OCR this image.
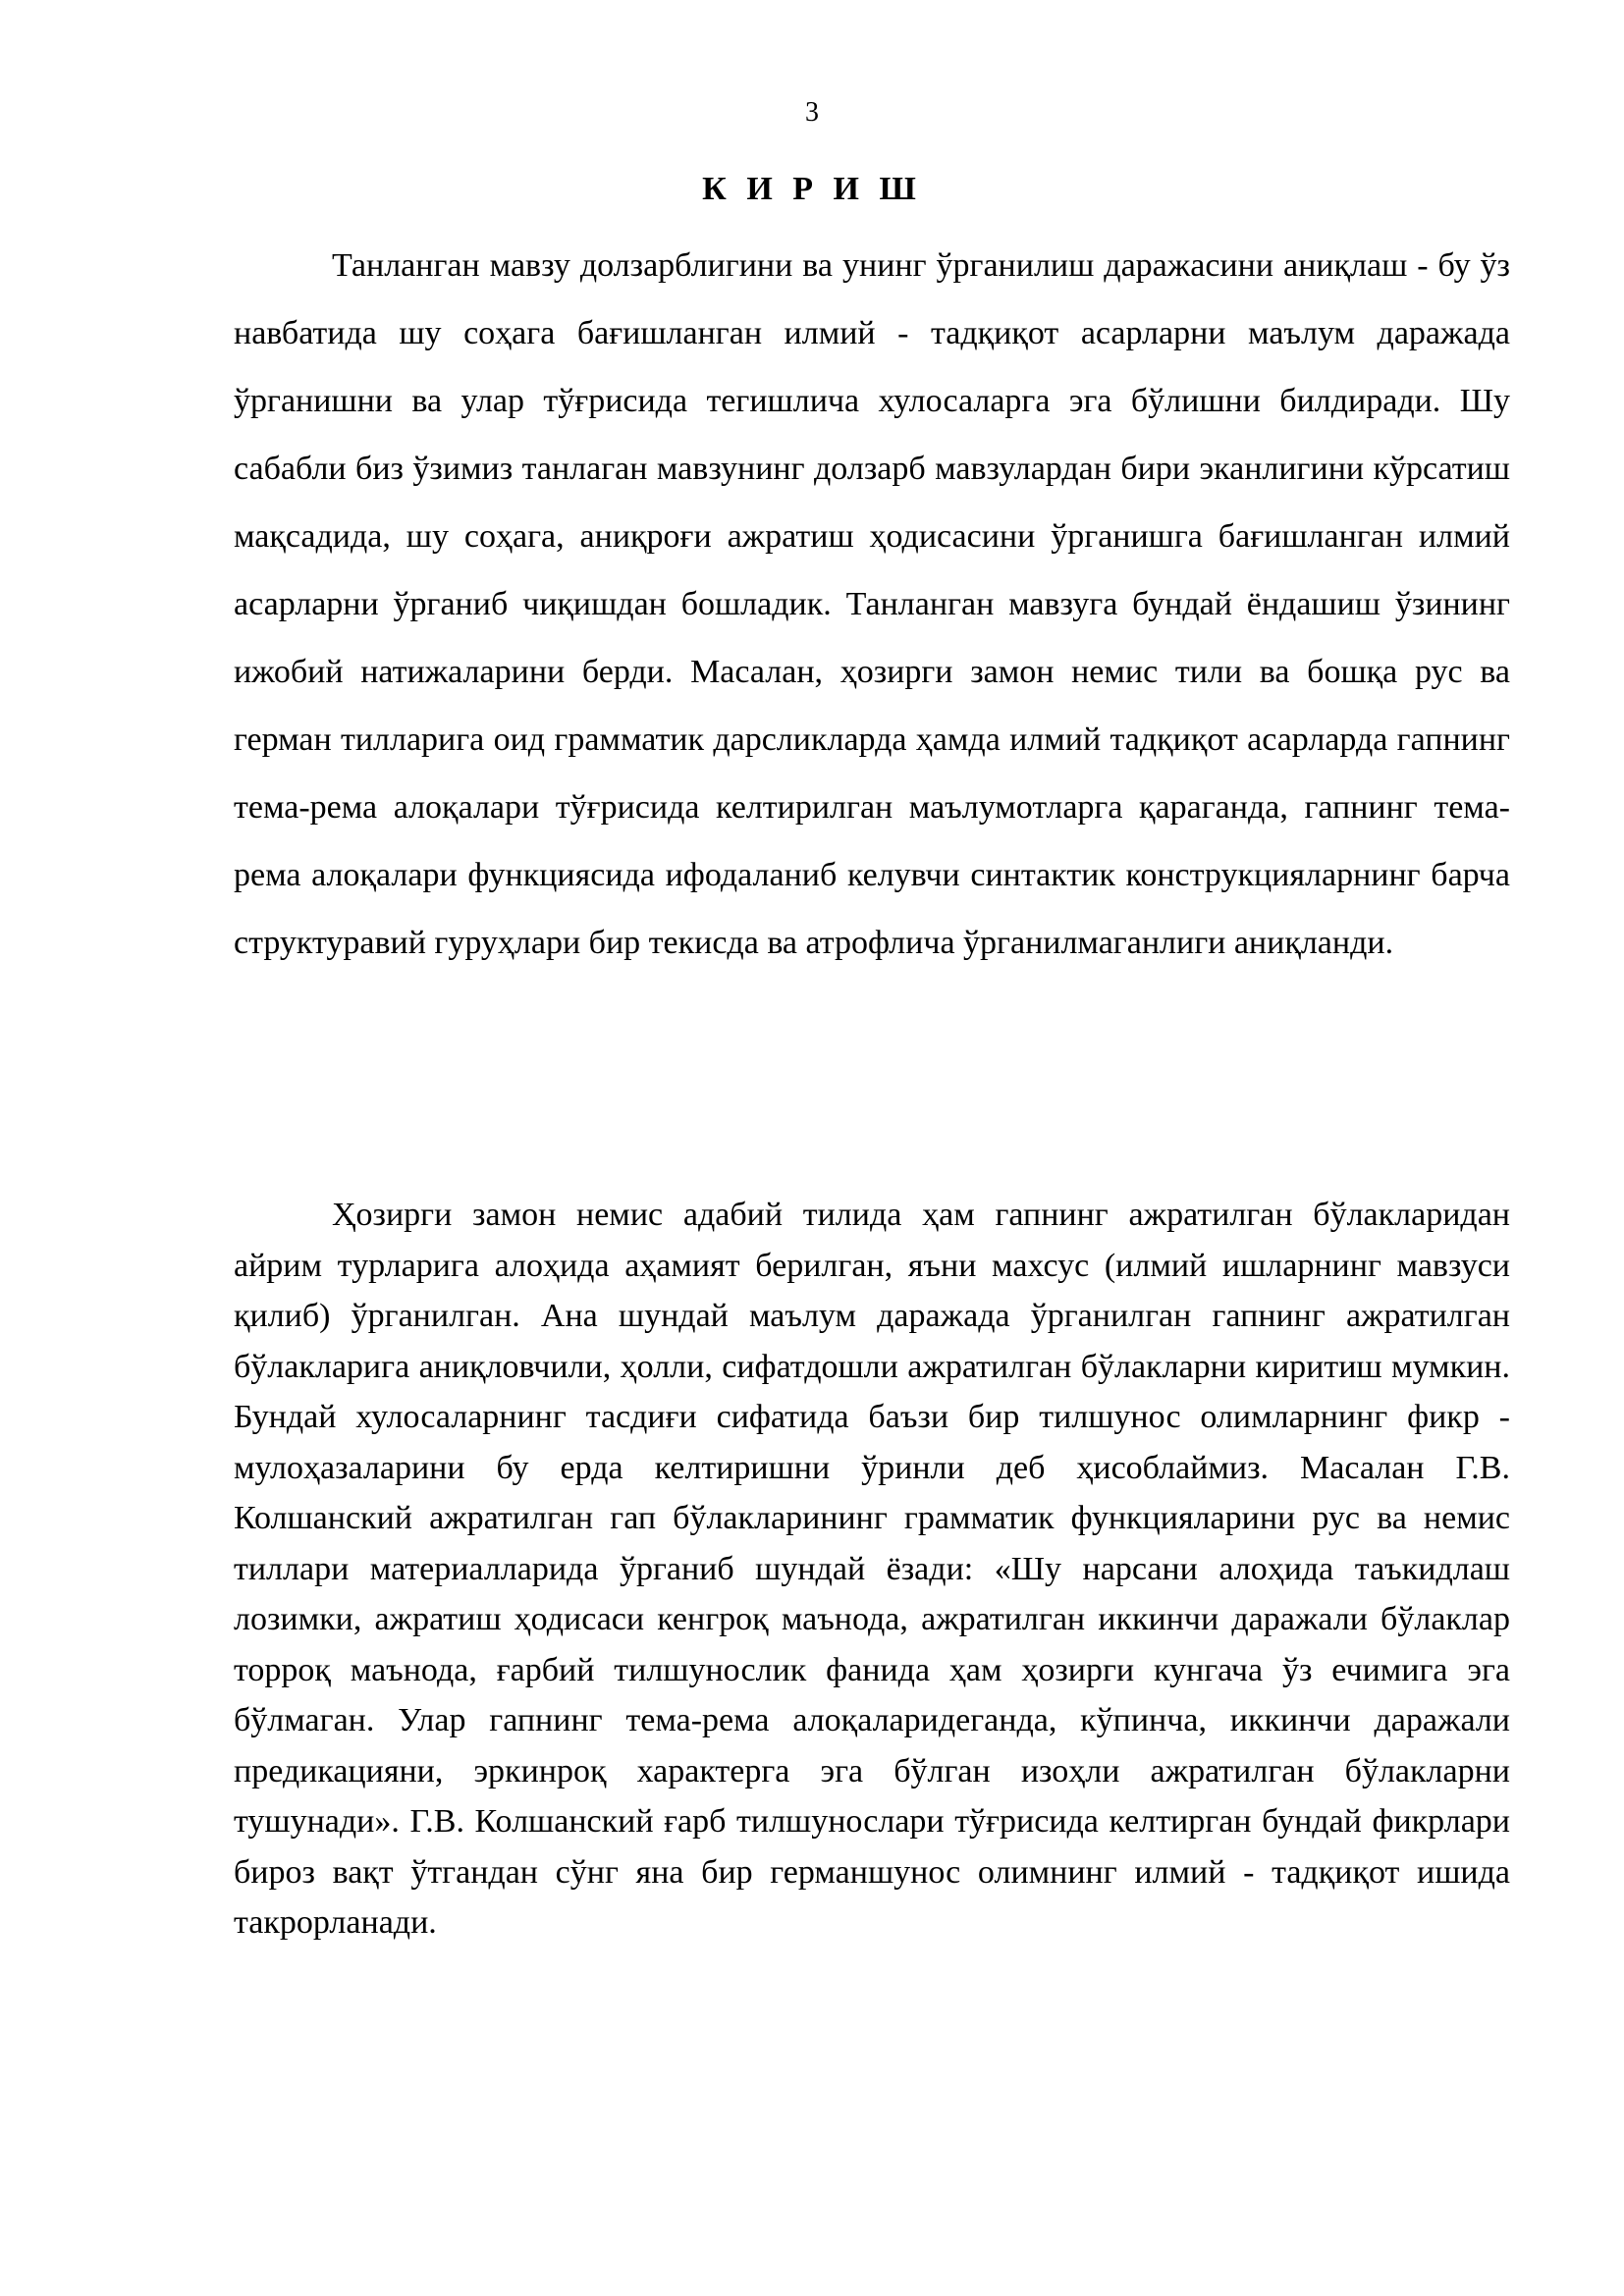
3
К И Р И Ш

Танланган мавзу долзарблигини ва унинг ўрганилиш даражасини аниқлаш - бу ўз навбатида шу соҳага бағишланган илмий - тадқиқот асарларни маълум даражада ўрганишни ва улар тўғрисида тегишлича хулосаларга эга бўлишни билдиради. Шу сабабли биз ўзимиз танлаган мавзунинг долзарб мавзулардан бири эканлигини кўрсатиш мақсадида, шу соҳага, аниқроғи ажратиш ҳодисасини ўрганишга бағишланган илмий асарларни ўрганиб чиқишдан бошладик. Танланган мавзуга бундай ёндашиш ўзининг ижобий натижаларини берди. Масалан, ҳозирги замон немис тили ва бошқа рус ва герман тилларига оид грамматик дарсликларда ҳамда илмий тадқиқот асарларда гапнинг тема-рема алоқалари тўғрисида келтирилган маълумотларга қараганда, гапнинг тема-рема алоқалари функциясида ифодаланиб келувчи синтактик конструкцияларнинг барча структуравий гуруҳлари бир текисда ва атрофлича ўрганилмаганлиги аниқланди.

Ҳозирги замон немис адабий тилида ҳам гапнинг ажратилган бўлакларидан айрим турларига алоҳида аҳамият берилган, яъни махсус (илмий ишларнинг мавзуси қилиб) ўрганилган. Ана шундай маълум даражада ўрганилган гапнинг ажратилган бўлакларига аниқловчили, ҳолли, сифатдошли ажратилган бўлакларни киритиш мумкин. Бундай хулосаларнинг тасдиғи сифатида баъзи бир тилшунос олимларнинг фикр - мулоҳазаларини бу ерда келтиришни ўринли деб ҳисоблаймиз. Масалан Г.В. Колшанский ажратилган гап бўлакларининг грамматик функцияларини рус ва немис тиллари материалларида ўрганиб шундай ёзади: «Шу нарсани алоҳида таъкидлаш лозимки, ажратиш ҳодисаси кенгроқ маънода, ажратилган иккинчи даражали бўлаклар торроқ маънода, ғарбий тилшунослик фанида ҳам ҳозирги кунгача ўз ечимига эга бўлмаган. Улар гапнинг тема-рема алоқаларидеганда, кўпинча, иккинчи даражали предикацияни, эркинроқ характерга эга бўлган изоҳли ажратилган бўлакларни тушунади». Г.В. Колшанский ғарб тилшунослари тўғрисида келтирган бундай фикрлари бироз вақт ўтгандан сўнг яна бир германшунос олимнинг илмий - тадқиқот ишида такрорланади.
